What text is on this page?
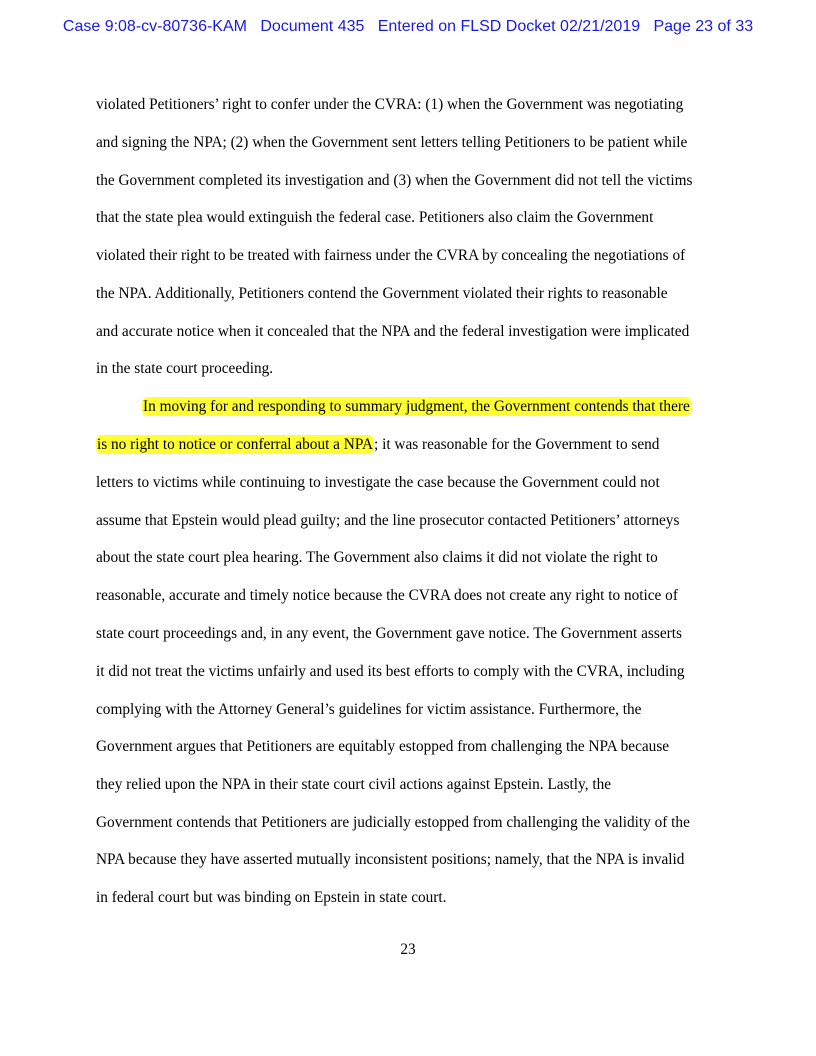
Case 9:08-cv-80736-KAM Document 435 Entered on FLSD Docket 02/21/2019 Page 23 of 33
violated Petitioners’ right to confer under the CVRA: (1) when the Government was negotiating
and signing the NPA; (2) when the Government sent letters telling Petitioners to be patient while
the Government completed its investigation and (3) when the Government did not tell the victims
that the state plea would extinguish the federal case. Petitioners also claim the Government
violated their right to be treated with fairness under the CVRA by concealing the negotiations of
the NPA. Additionally, Petitioners contend the Government violated their rights to reasonable
and accurate notice when it concealed that the NPA and the federal investigation were implicated
in the state court proceeding.
In moving for and responding to summary judgment, the Government contends that there
is no right to notice or conferral about a NPA; it was reasonable for the Government to send
letters to victims while continuing to investigate the case because the Government could not
assume that Epstein would plead guilty; and the line prosecutor contacted Petitioners’ attorneys
about the state court plea hearing. The Government also claims it did not violate the right to
reasonable, accurate and timely notice because the CVRA does not create any right to notice of
state court proceedings and, in any event, the Government gave notice. The Government asserts
it did not treat the victims unfairly and used its best efforts to comply with the CVRA, including
complying with the Attorney General’s guidelines for victim assistance. Furthermore, the
Government argues that Petitioners are equitably estopped from challenging the NPA because
they relied upon the NPA in their state court civil actions against Epstein. Lastly, the
Government contends that Petitioners are judicially estopped from challenging the validity of the
NPA because they have asserted mutually inconsistent positions; namely, that the NPA is invalid
in federal court but was binding on Epstein in state court.
23
